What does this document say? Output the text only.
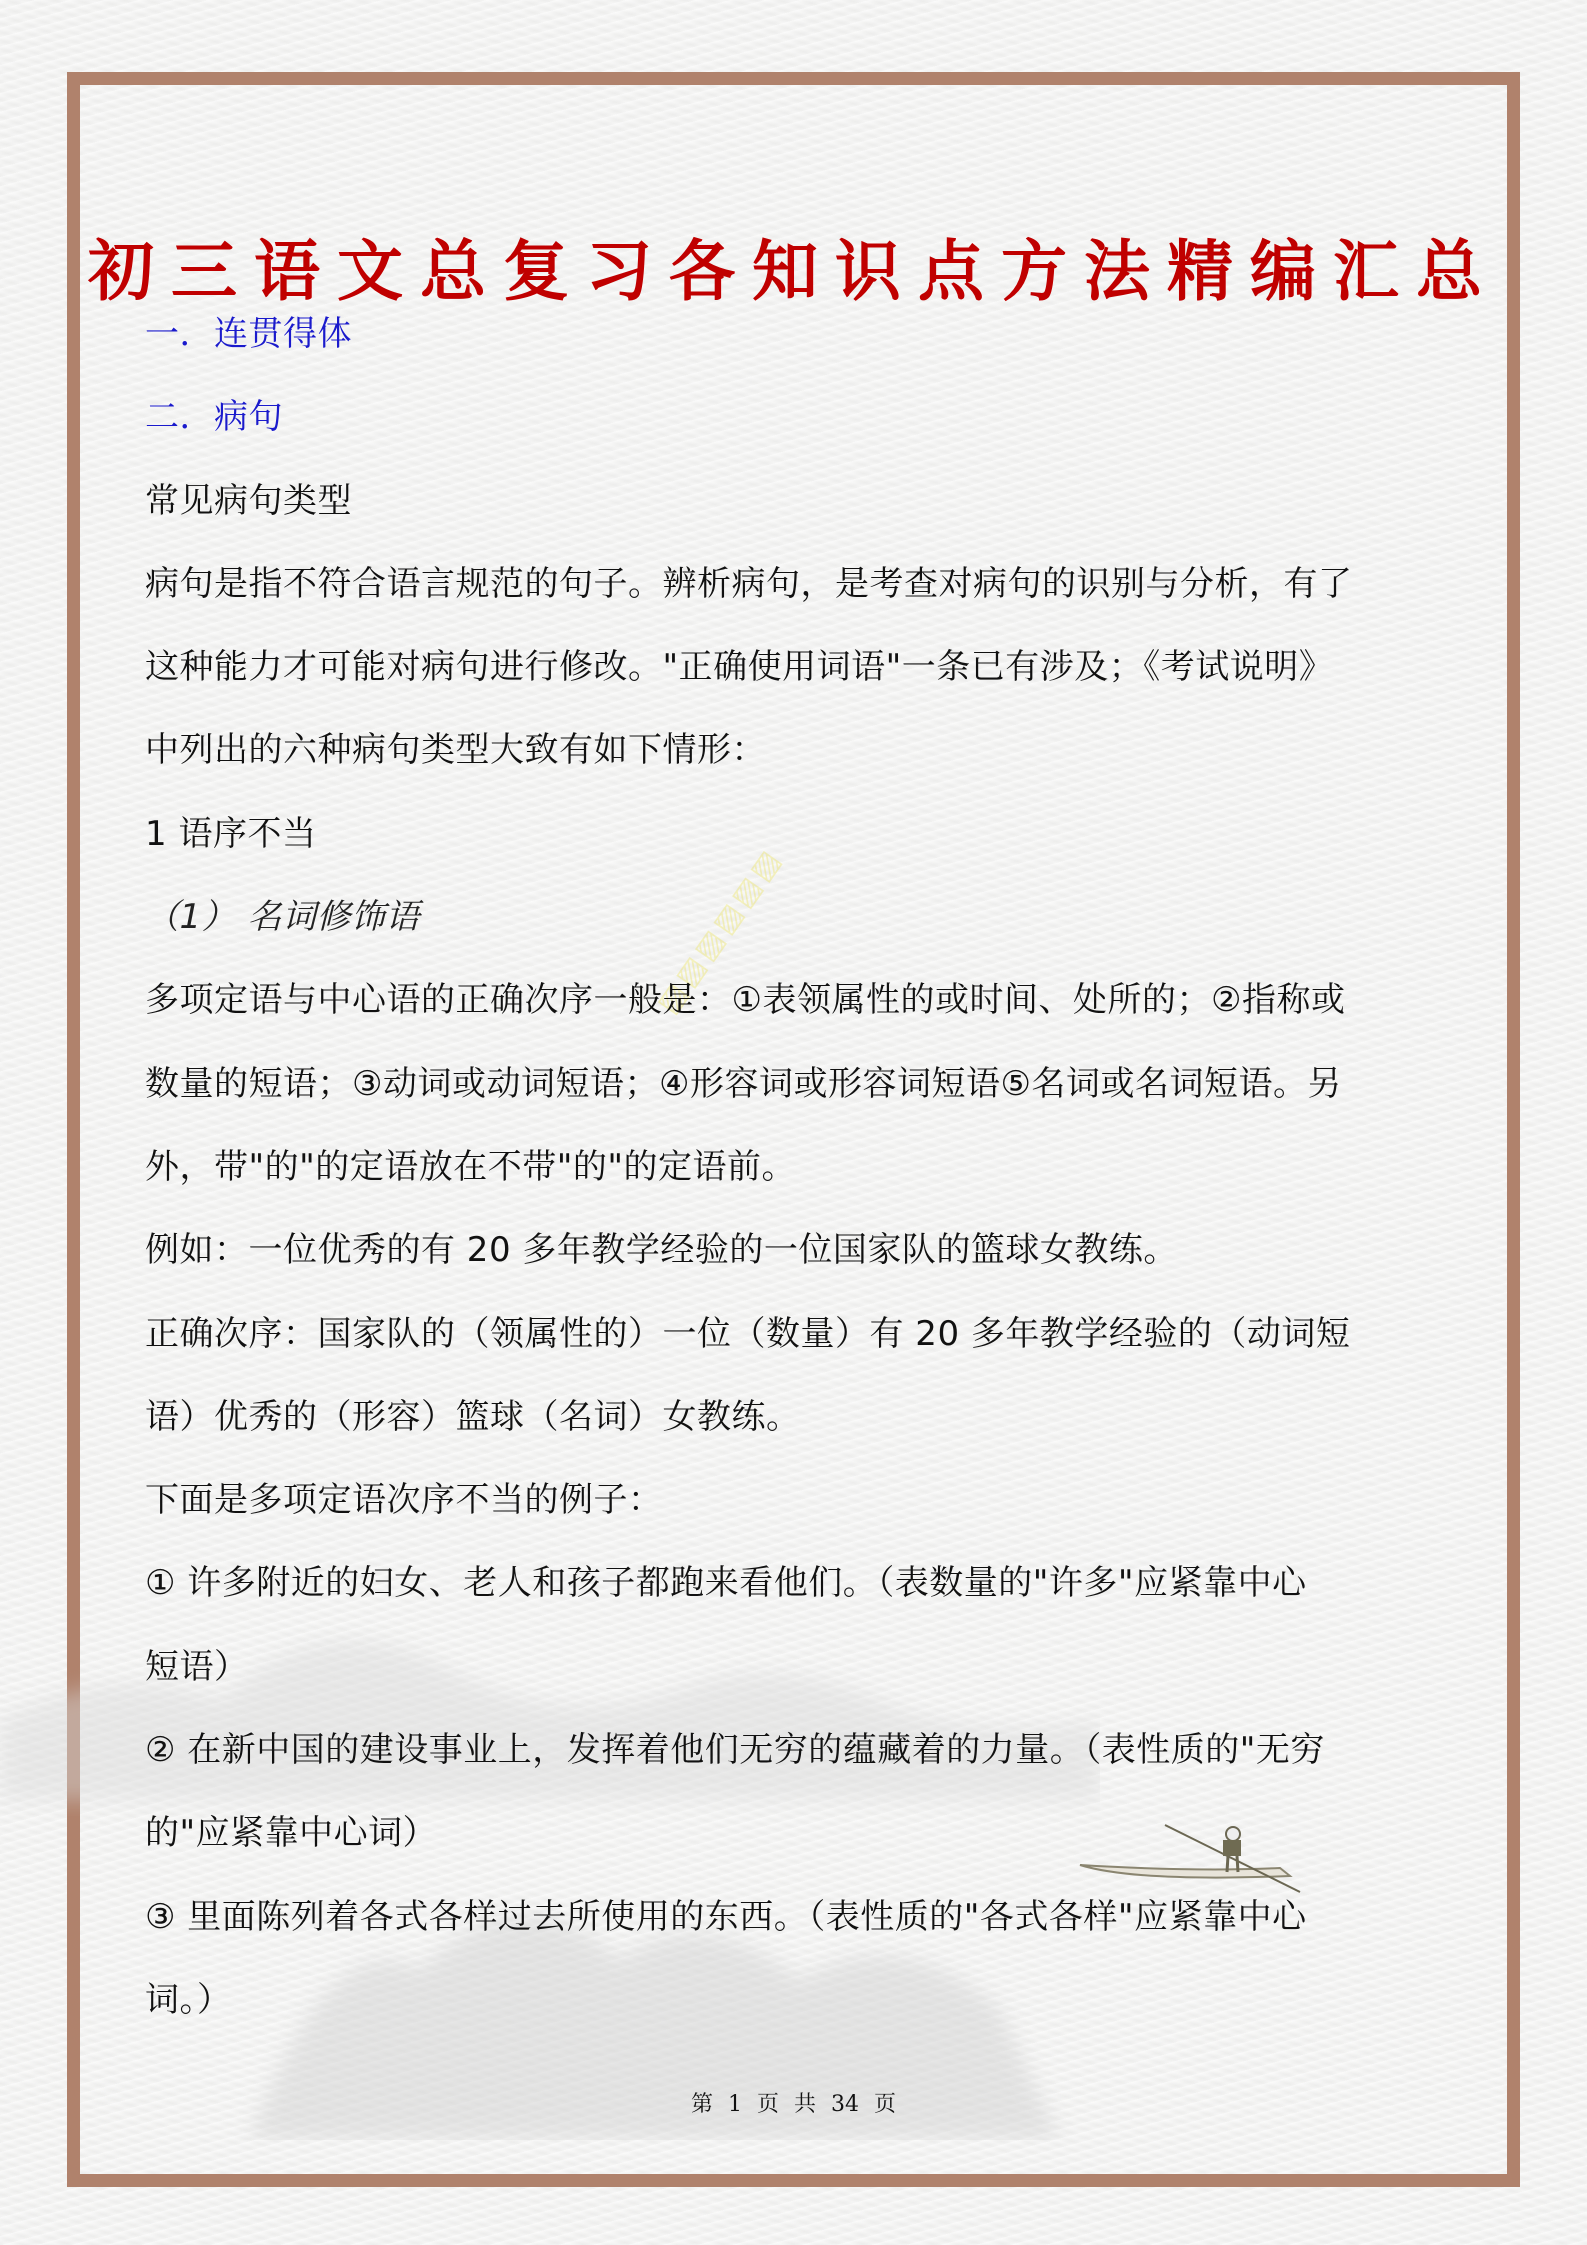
▨▨▨▨▨▨
初三语文总复习各知识点方法精编汇总
一．连贯得体
二．病句
常见病句类型
病句是指不符合语言规范的句子。辨析病句，是考查对病句的识别与分析，有了
这种能力才可能对病句进行修改。"正确使用词语"一条已有涉及；《考试说明》
中列出的六种病句类型大致有如下情形：
1 语序不当
（1） 名词修饰语
多项定语与中心语的正确次序一般是：①表领属性的或时间、处所的；②指称或
数量的短语；③动词或动词短语；④形容词或形容词短语⑤名词或名词短语。另
外，带"的"的定语放在不带"的"的定语前。
例如：一位优秀的有 20 多年教学经验的一位国家队的篮球女教练。
正确次序：国家队的（领属性的）一位（数量）有 20 多年教学经验的（动词短
语）优秀的（形容）篮球（名词）女教练。
下面是多项定语次序不当的例子：
① 许多附近的妇女、老人和孩子都跑来看他们。（表数量的"许多"应紧靠中心
短语）
② 在新中国的建设事业上，发挥着他们无穷的蕴藏着的力量。（表性质的"无穷
的"应紧靠中心词）
③ 里面陈列着各式各样过去所使用的东西。（表性质的"各式各样"应紧靠中心
词。）
第 1 页 共 34 页
